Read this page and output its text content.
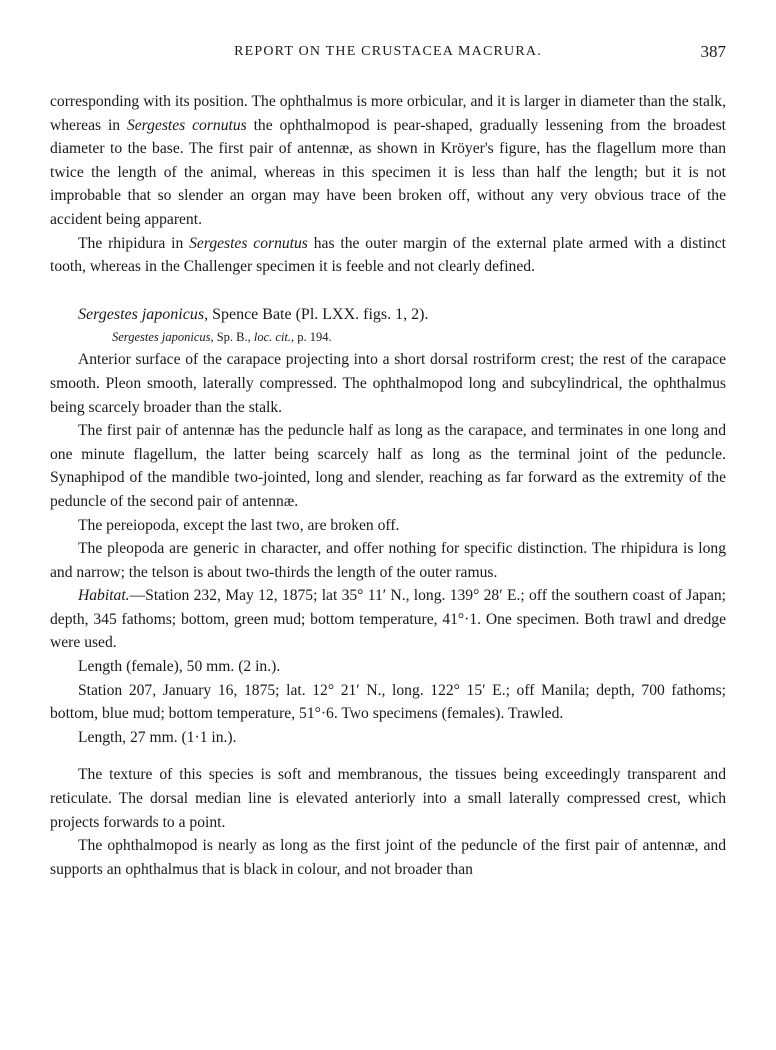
REPORT ON THE CRUSTACEA MACRURA.	387

corresponding with its position. The ophthalmus is more orbicular, and it is larger in diameter than the stalk, whereas in Sergestes cornutus the ophthalmopod is pear-shaped, gradually lessening from the broadest diameter to the base. The first pair of antennæ, as shown in Kröyer's figure, has the flagellum more than twice the length of the animal, whereas in this specimen it is less than half the length; but it is not improbable that so slender an organ may have been broken off, without any very obvious trace of the accident being apparent.

The rhipidura in Sergestes cornutus has the outer margin of the external plate armed with a distinct tooth, whereas in the Challenger specimen it is feeble and not clearly defined.

Sergestes japonicus, Spence Bate (Pl. LXX. figs. 1, 2).

Sergestes japonicus, Sp. B., loc. cit., p. 194.

Anterior surface of the carapace projecting into a short dorsal rostriform crest; the rest of the carapace smooth. Pleon smooth, laterally compressed. The ophthalmopod long and subcylindrical, the ophthalmus being scarcely broader than the stalk.

The first pair of antennæ has the peduncle half as long as the carapace, and terminates in one long and one minute flagellum, the latter being scarcely half as long as the terminal joint of the peduncle. Synaphipod of the mandible two-jointed, long and slender, reaching as far forward as the extremity of the peduncle of the second pair of antennæ.

The pereiopoda, except the last two, are broken off.

The pleopoda are generic in character, and offer nothing for specific distinction. The rhipidura is long and narrow; the telson is about two-thirds the length of the outer ramus.

Habitat.—Station 232, May 12, 1875; lat 35° 11′ N., long. 139° 28′ E.; off the southern coast of Japan; depth, 345 fathoms; bottom, green mud; bottom temperature, 41°·1. One specimen. Both trawl and dredge were used.

Length (female), 50 mm. (2 in.).

Station 207, January 16, 1875; lat. 12° 21′ N., long. 122° 15′ E.; off Manila; depth, 700 fathoms; bottom, blue mud; bottom temperature, 51°·6. Two specimens (females). Trawled.

Length, 27 mm. (1·1 in.).

The texture of this species is soft and membranous, the tissues being exceedingly transparent and reticulate. The dorsal median line is elevated anteriorly into a small laterally compressed crest, which projects forwards to a point.

The ophthalmopod is nearly as long as the first joint of the peduncle of the first pair of antennæ, and supports an ophthalmus that is black in colour, and not broader than
